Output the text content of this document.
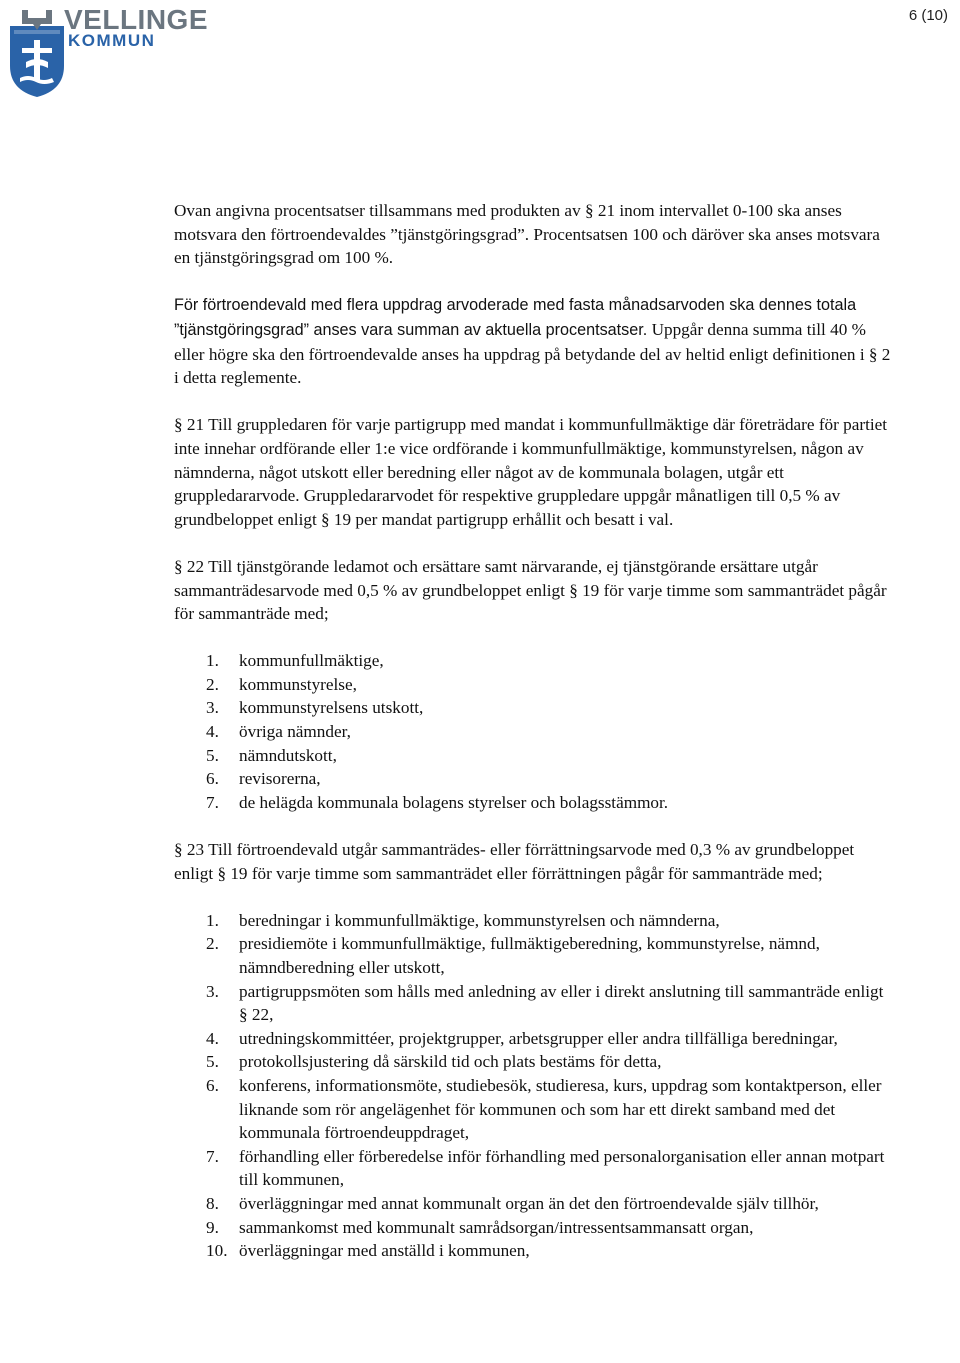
VELLINGE
KOMMUN
6 (10)

Ovan angivna procentsatser tillsammans med produkten av § 21 inom intervallet 0-100 ska anses motsvara den förtroendevaldes ”tjänstgöringsgrad”. Procentsatsen 100 och däröver ska anses motsvara en tjänstgöringsgrad om 100 %.

För förtroendevald med flera uppdrag arvoderade med fasta månadsarvoden ska dennes totala ”tjänstgöringsgrad” anses vara summan av aktuella procentsatser. Uppgår denna summa till 40 % eller högre ska den förtroendevalde anses ha uppdrag på betydande del av heltid enligt definitionen i § 2 i detta reglemente.

§ 21 Till gruppledaren för varje partigrupp med mandat i kommunfullmäktige där företrädare för partiet inte innehar ordförande eller 1:e vice ordförande i kommunfullmäktige, kommunstyrelsen, någon av nämnderna, något utskott eller beredning eller något av de kommunala bolagen, utgår ett gruppledararvode. Gruppledararvodet för respektive gruppledare uppgår månatligen till 0,5 % av grundbeloppet enligt § 19 per mandat partigrupp erhållit och besatt i val.

§ 22 Till tjänstgörande ledamot och ersättare samt närvarande, ej tjänstgörande ersättare utgår sammanträdesarvode med 0,5 % av grundbeloppet enligt § 19 för varje timme som sammanträdet pågår för sammanträde med;

1. kommunfullmäktige,
2. kommunstyrelse,
3. kommunstyrelsens utskott,
4. övriga nämnder,
5. nämndutskott,
6. revisorerna,
7. de helägda kommunala bolagens styrelser och bolagsstämmor.

§ 23 Till förtroendevald utgår sammanträdes- eller förrättningsarvode med 0,3 % av grundbeloppet enligt § 19 för varje timme som sammanträdet eller förrättningen pågår för sammanträde med;

1. beredningar i kommunfullmäktige, kommunstyrelsen och nämnderna,
2. presidiemöte i kommunfullmäktige, fullmäktigeberedning, kommunstyrelse, nämnd, nämndberedning eller utskott,
3. partigruppsmöten som hålls med anledning av eller i direkt anslutning till sammanträde enligt § 22,
4. utredningskommittéer, projektgrupper, arbetsgrupper eller andra tillfälliga beredningar,
5. protokollsjustering då särskild tid och plats bestäms för detta,
6. konferens, informationsmöte, studiebesök, studieresa, kurs, uppdrag som kontaktperson, eller liknande som rör angelägenhet för kommunen och som har ett direkt samband med det kommunala förtroendeuppdraget,
7. förhandling eller förberedelse inför förhandling med personalorganisation eller annan motpart till kommunen,
8. överläggningar med annat kommunalt organ än det den förtroendevalde själv tillhör,
9. sammankomst med kommunalt samrådsorgan/intressentsammansatt organ,
10. överläggningar med anställd i kommunen,
